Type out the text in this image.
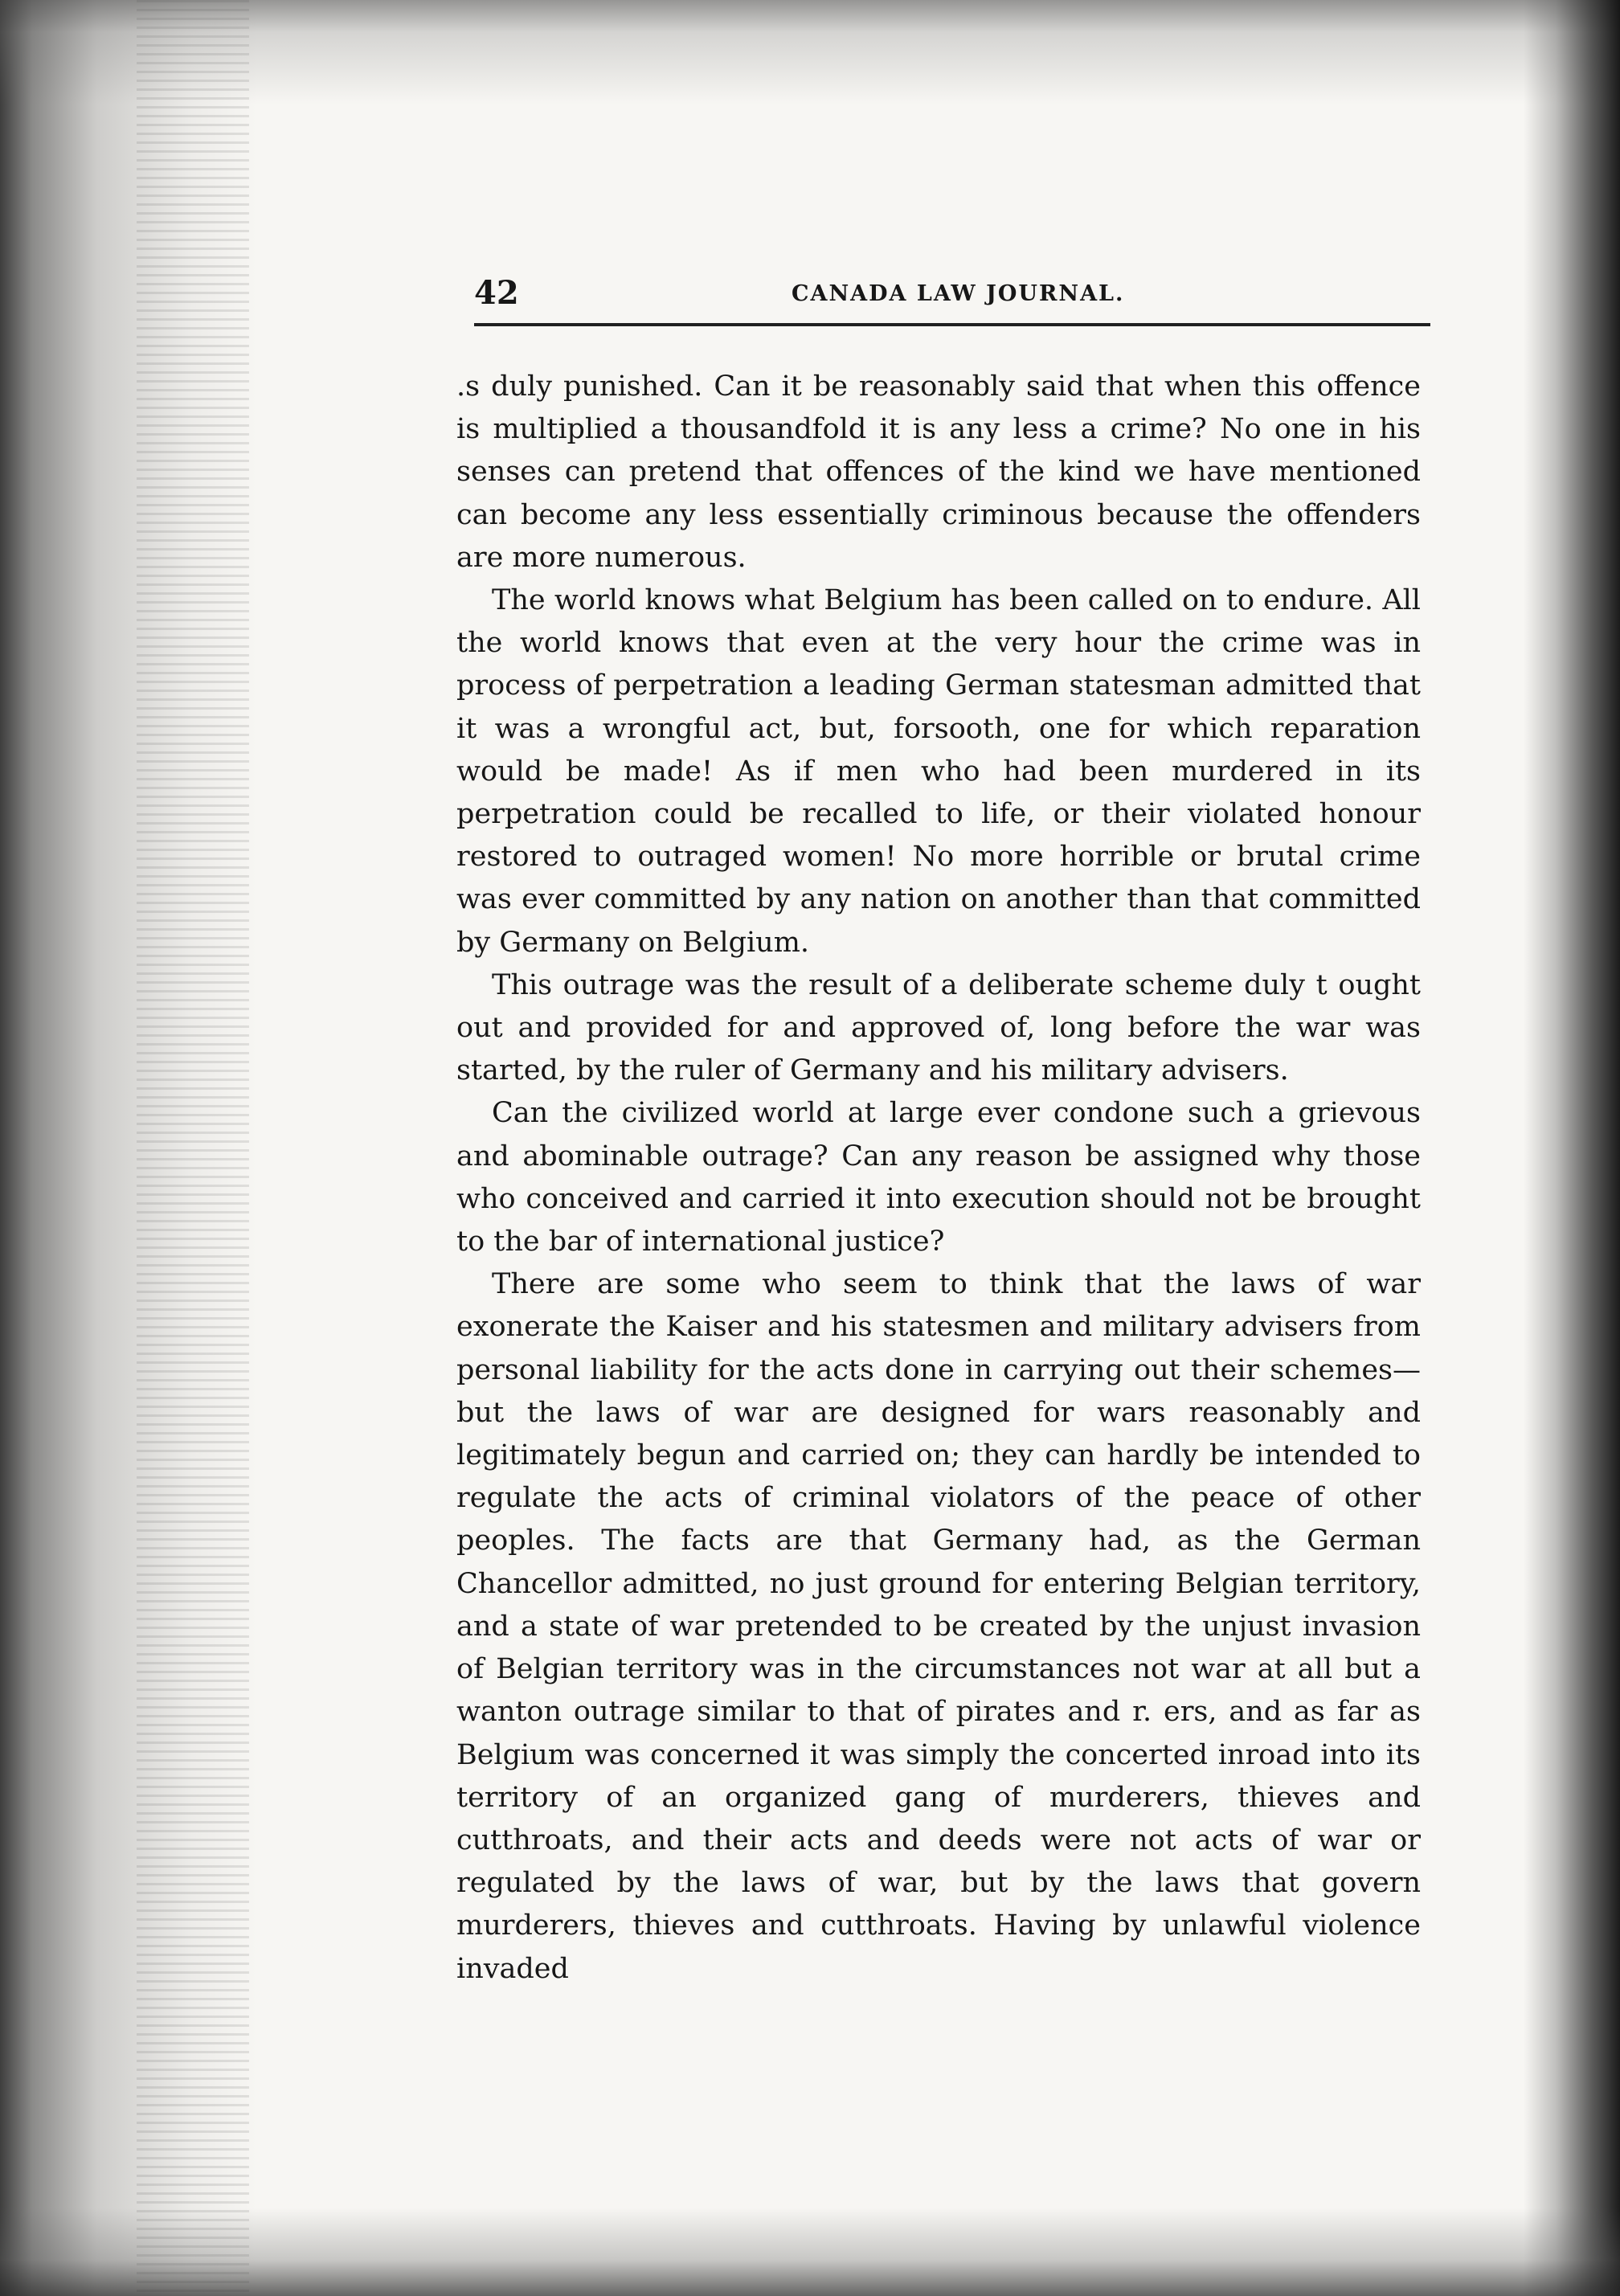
42	CANADA LAW JOURNAL.

.s duly punished. Can it be reasonably said that when this offence is multiplied a thousandfold it is any less a crime? No one in his senses can pretend that offences of the kind we have mentioned can become any less essentially criminous because the offenders are more numerous.

The world knows what Belgium has been called on to endure. All the world knows that even at the very hour the crime was in process of perpetration a leading German statesman admitted that it was a wrongful act, but, forsooth, one for which reparation would be made! As if men who had been murdered in its perpetration could be recalled to life, or their violated honour restored to outraged women! No more horrible or brutal crime was ever committed by any nation on another than that committed by Germany on Belgium.

This outrage was the result of a deliberate scheme duly t ought out and provided for and approved of, long before the war was started, by the ruler of Germany and his military advisers.

Can the civilized world at large ever condone such a grievous and abominable outrage? Can any reason be assigned why those who conceived and carried it into execution should not be brought to the bar of international justice?

There are some who seem to think that the laws of war exonerate the Kaiser and his statesmen and military advisers from personal liability for the acts done in carrying out their schemes— but the laws of war are designed for wars reasonably and legitimately begun and carried on; they can hardly be intended to regulate the acts of criminal violators of the peace of other peoples. The facts are that Germany had, as the German Chancellor admitted, no just ground for entering Belgian territory, and a state of war pretended to be created by the unjust invasion of Belgian territory was in the circumstances not war at all but a wanton outrage similar to that of pirates and r. ers, and as far as Belgium was concerned it was simply the concerted inroad into its territory of an organized gang of murderers, thieves and cutthroats, and their acts and deeds were not acts of war or regulated by the laws of war, but by the laws that govern murderers, thieves and cutthroats. Having by unlawful violence invaded
